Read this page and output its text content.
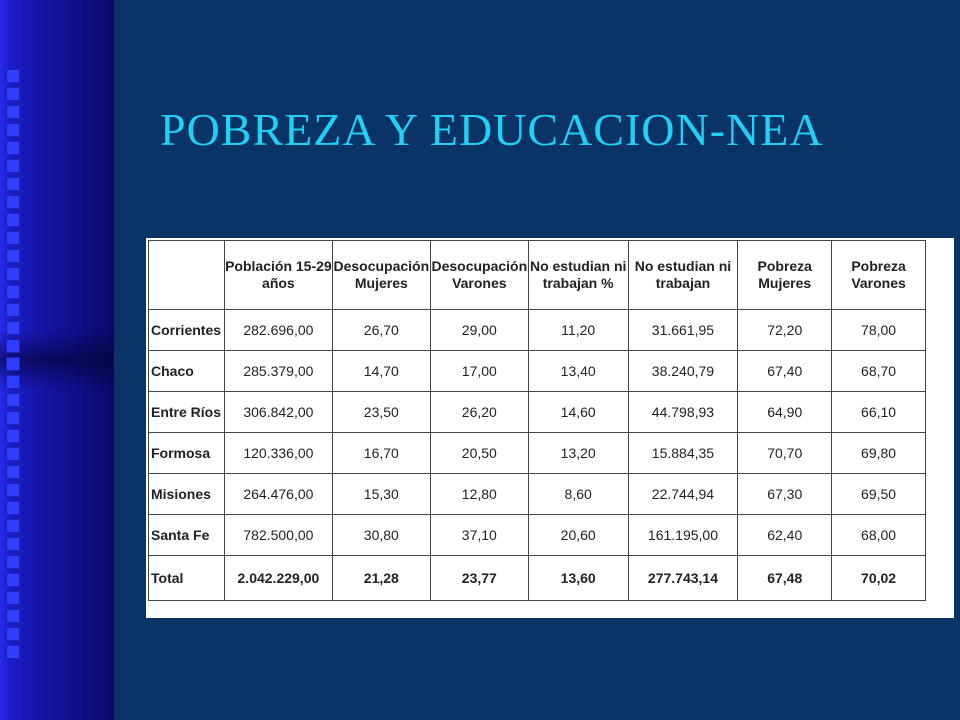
POBREZA Y EDUCACION-NEA
	Población 15-29 años	Desocupación Mujeres	Desocupación Varones	No estudian ni trabajan %	No estudian ni trabajan	Pobreza Mujeres	Pobreza Varones
Corrientes	282.696,00	26,70	29,00	11,20	31.661,95	72,20	78,00
Chaco	285.379,00	14,70	17,00	13,40	38.240,79	67,40	68,70
Entre Ríos	306.842,00	23,50	26,20	14,60	44.798,93	64,90	66,10
Formosa	120.336,00	16,70	20,50	13,20	15.884,35	70,70	69,80
Misiones	264.476,00	15,30	12,80	8,60	22.744,94	67,30	69,50
Santa Fe	782.500,00	30,80	37,10	20,60	161.195,00	62,40	68,00
Total	2.042.229,00	21,28	23,77	13,60	277.743,14	67,48	70,02
